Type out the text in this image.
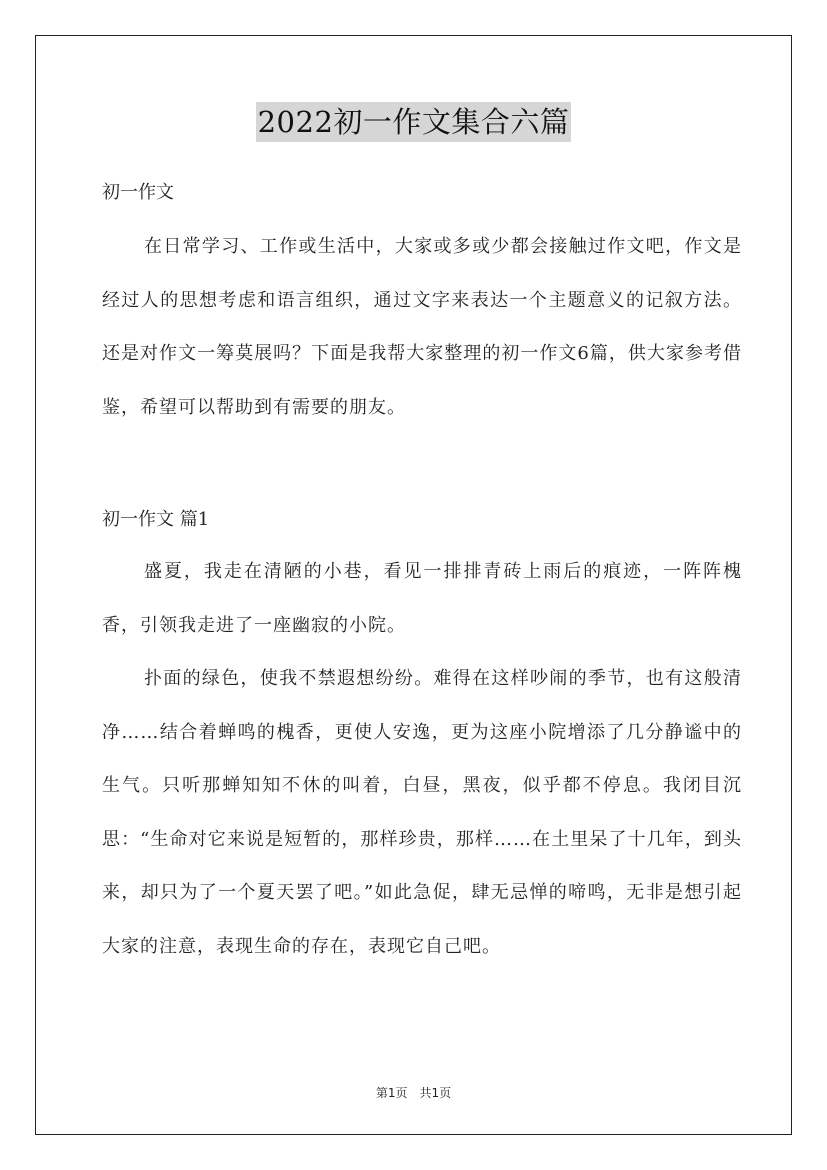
2022初一作文集合六篇
初一作文

在日常学习、工作或生活中，大家或多或少都会接触过作文吧，作文是经过人的思想考虑和语言组织，通过文字来表达一个主题意义的记叙方法。还是对作文一筹莫展吗？下面是我帮大家整理的初一作文6篇，供大家参考借鉴，希望可以帮助到有需要的朋友。

初一作文 篇1

盛夏，我走在清陋的小巷，看见一排排青砖上雨后的痕迹，一阵阵槐香，引领我走进了一座幽寂的小院。

扑面的绿色，使我不禁遐想纷纷。难得在这样吵闹的季节，也有这般清净……结合着蝉鸣的槐香，更使人安逸，更为这座小院增添了几分静谧中的生气。只听那蝉知知不休的叫着，白昼，黑夜，似乎都不停息。我闭目沉思：“生命对它来说是短暂的，那样珍贵，那样……在土里呆了十几年，到头来，却只为了一个夏天罢了吧。”如此急促，肆无忌惮的啼鸣，无非是想引起大家的注意，表现生命的存在，表现它自己吧。

第1页 共1页
